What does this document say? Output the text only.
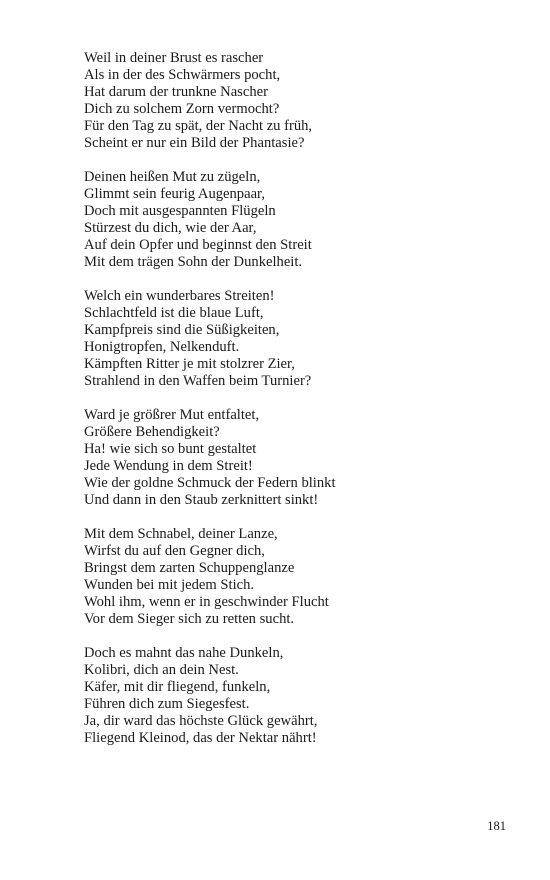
Weil in deiner Brust es rascher
Als in der des Schwärmers pocht,
Hat darum der trunkne Nascher
Dich zu solchem Zorn vermocht?
Für den Tag zu spät, der Nacht zu früh,
Scheint er nur ein Bild der Phantasie?
Deinen heißen Mut zu zügeln,
Glimmt sein feurig Augenpaar,
Doch mit ausgespannten Flügeln
Stürzest du dich, wie der Aar,
Auf dein Opfer und beginnst den Streit
Mit dem trägen Sohn der Dunkelheit.
Welch ein wunderbares Streiten!
Schlachtfeld ist die blaue Luft,
Kampfpreis sind die Süßigkeiten,
Honigtropfen, Nelkenduft.
Kämpften Ritter je mit stolzrer Zier,
Strahlend in den Waffen beim Turnier?
Ward je größrer Mut entfaltet,
Größere Behendigkeit?
Ha! wie sich so bunt gestaltet
Jede Wendung in dem Streit!
Wie der goldne Schmuck der Federn blinkt
Und dann in den Staub zerknittert sinkt!
Mit dem Schnabel, deiner Lanze,
Wirfst du auf den Gegner dich,
Bringst dem zarten Schuppenglanze
Wunden bei mit jedem Stich.
Wohl ihm, wenn er in geschwinder Flucht
Vor dem Sieger sich zu retten sucht.
Doch es mahnt das nahe Dunkeln,
Kolibri, dich an dein Nest.
Käfer, mit dir fliegend, funkeln,
Führen dich zum Siegesfest.
Ja, dir ward das höchste Glück gewährt,
Fliegend Kleinod, das der Nektar nährt!
181
